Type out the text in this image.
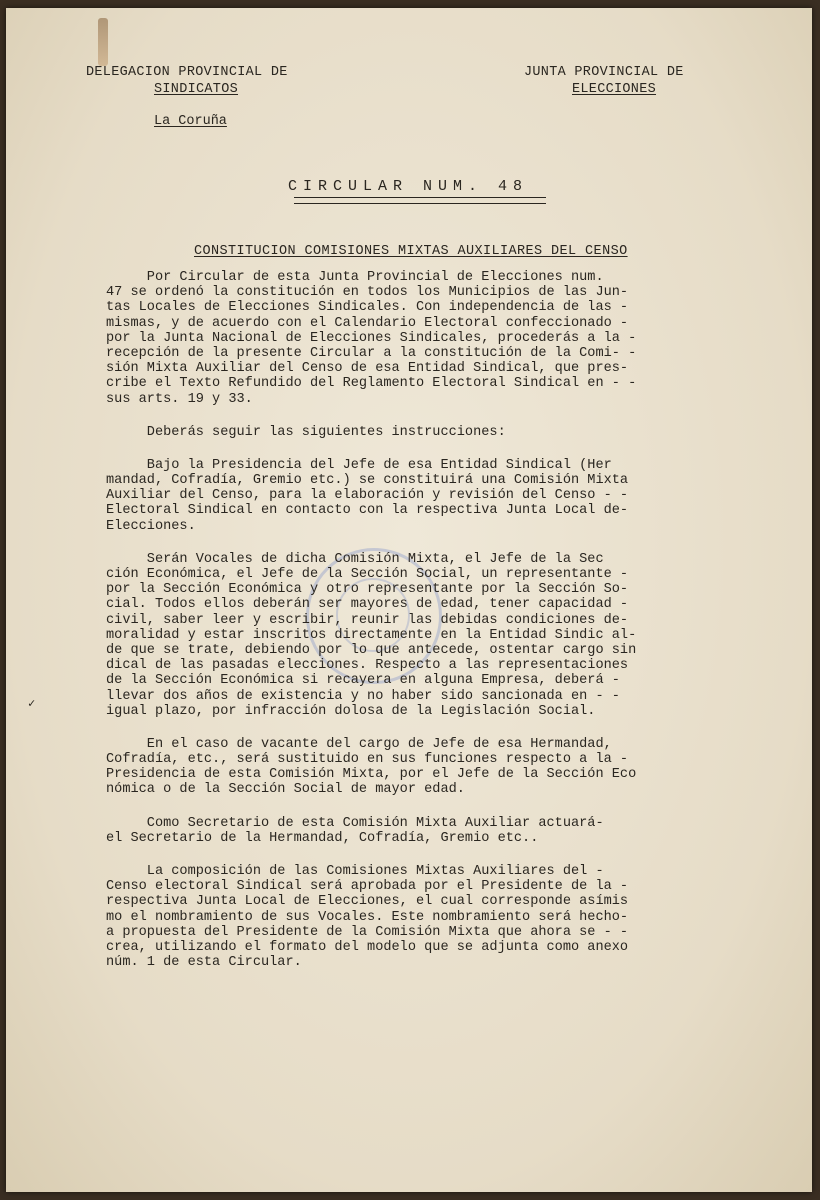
DELEGACION PROVINCIAL DE
SINDICATOS
JUNTA PROVINCIAL DE
ELECCIONES
La Coruña
CIRCULAR NUM. 48
CONSTITUCION COMISIONES MIXTAS AUXILIARES DEL CENSO
✓
Por Circular de esta Junta Provincial de Elecciones num.
47 se ordenó la constitución en todos los Municipios de las Jun-
tas Locales de Elecciones Sindicales. Con independencia de las -
mismas, y de acuerdo con el Calendario Electoral confeccionado -
por la Junta Nacional de Elecciones Sindicales, procederás a la -
recepción de la presente Circular a la constitución de la Comi- -
sión Mixta Auxiliar del Censo de esa Entidad Sindical, que pres-
cribe el Texto Refundido del Reglamento Electoral Sindical en - -
sus arts. 19 y 33.
Deberás seguir las siguientes instrucciones:
Bajo la Presidencia del Jefe de esa Entidad Sindical (Her
mandad, Cofradía, Gremio etc.) se constituirá una Comisión Mixta
Auxiliar del Censo, para la elaboración y revisión del Censo - -
Electoral Sindical en contacto con la respectiva Junta Local de-
Elecciones.
Serán Vocales de dicha Comisión Mixta, el Jefe de la Sec
ción Económica, el Jefe de la Sección Social, un representante -
por la Sección Económica y otro representante por la Sección So-
cial. Todos ellos deberán ser mayores de edad, tener capacidad -
civil, saber leer y escribir, reunir las debidas condiciones de-
moralidad y estar inscritos directamente en la Entidad Sindic al-
de que se trate, debiendo por lo que antecede, ostentar cargo sin
dical de las pasadas elecciones. Respecto a las representaciones
de la Sección Económica si recayera en alguna Empresa, deberá -
llevar dos años de existencia y no haber sido sancionada en - -
igual plazo, por infracción dolosa de la Legislación Social.
En el caso de vacante del cargo de Jefe de esa Hermandad,
Cofradía, etc., será sustituido en sus funciones respecto a la -
Presidencia de esta Comisión Mixta, por el Jefe de la Sección Eco
nómica o de la Sección Social de mayor edad.
Como Secretario de esta Comisión Mixta Auxiliar actuará-
el Secretario de la Hermandad, Cofradía, Gremio etc..
La composición de las Comisiones Mixtas Auxiliares del -
Censo electoral Sindical será aprobada por el Presidente de la -
respectiva Junta Local de Elecciones, el cual corresponde asímis
mo el nombramiento de sus Vocales. Este nombramiento será hecho-
a propuesta del Presidente de la Comisión Mixta que ahora se - -
crea, utilizando el formato del modelo que se adjunta como anexo
núm. 1 de esta Circular.
